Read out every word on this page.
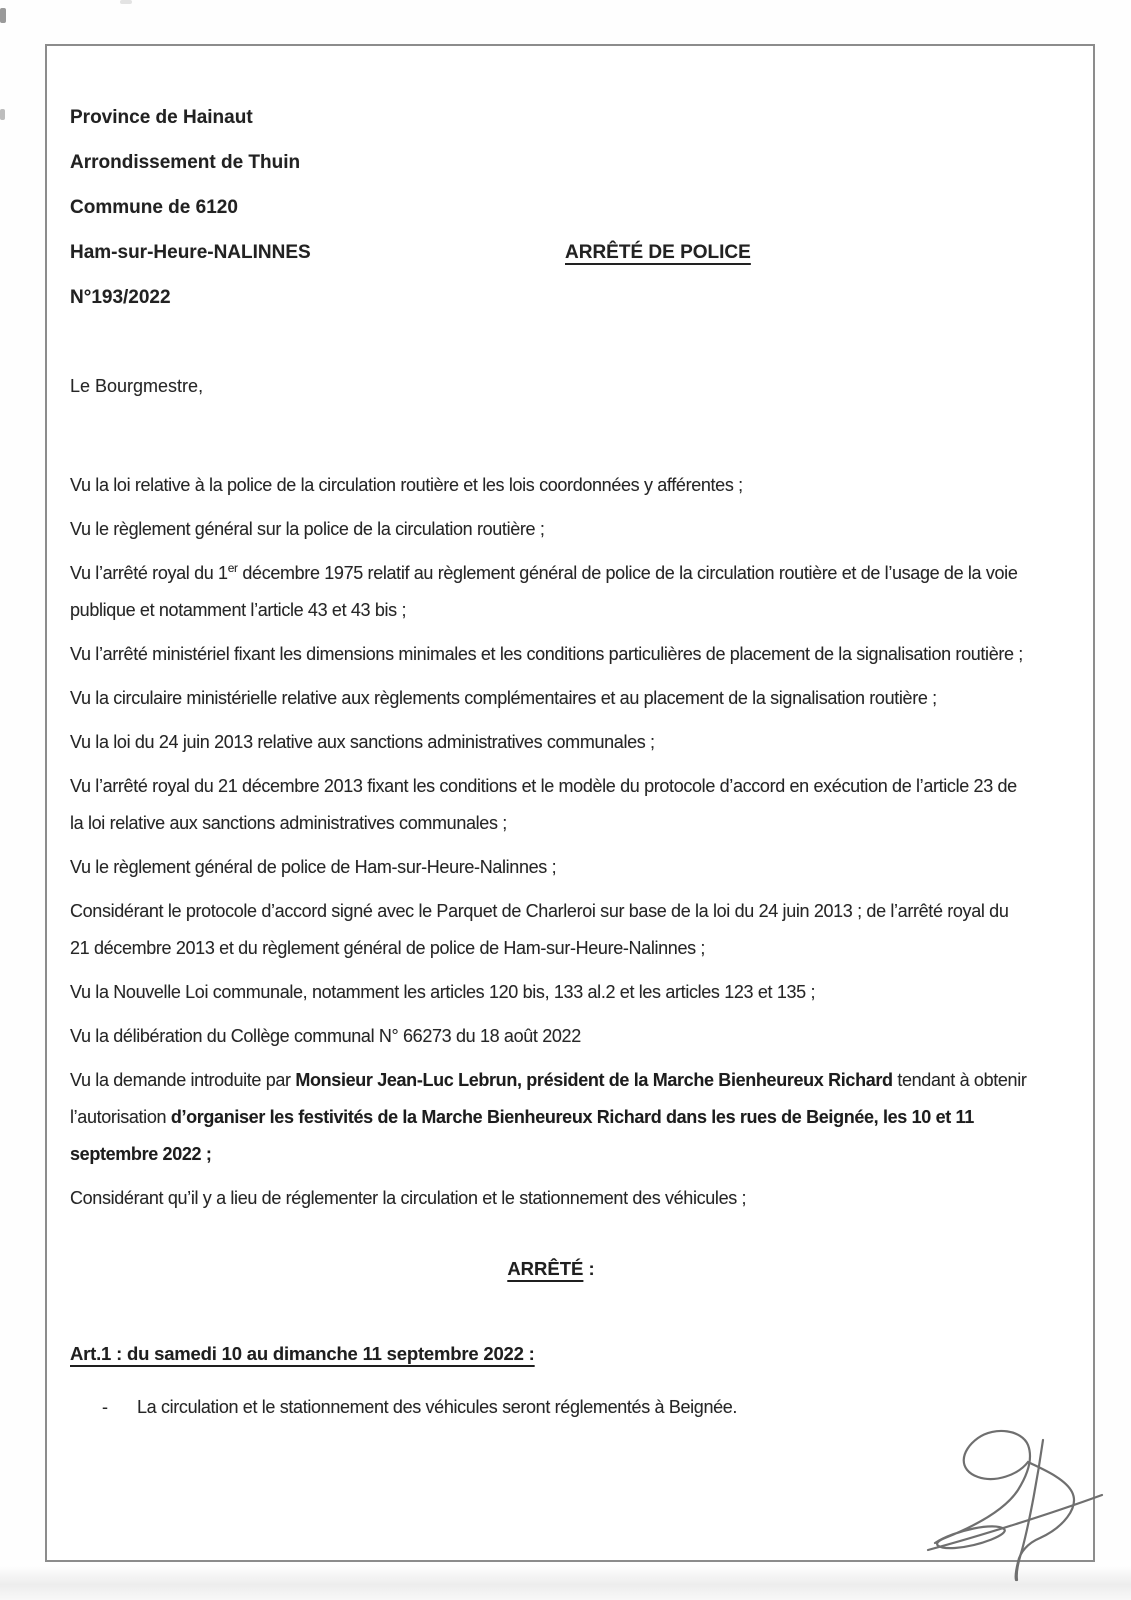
Province de Hainaut

Arrondissement de Thuin

Commune de 6120

Ham-sur-Heure-NALINNES	ARRÊTÉ DE POLICE

N°193/2022

Le Bourgmestre,

Vu la loi relative à la police de la circulation routière et les lois coordonnées y afférentes ;

Vu le règlement général sur la police de la circulation routière ;

Vu l’arrêté royal du 1er décembre 1975 relatif au règlement général de police de la circulation routière et de l’usage de la voie publique et notamment l’article 43 et 43 bis ;

Vu l’arrêté ministériel fixant les dimensions minimales et les conditions particulières de placement de la signalisation routière ;

Vu la circulaire ministérielle relative aux règlements complémentaires et au placement de la signalisation routière ;

Vu la loi du 24 juin 2013 relative aux sanctions administratives communales ;

Vu l’arrêté royal du 21 décembre 2013 fixant les conditions et le modèle du protocole d’accord en exécution de l’article 23 de la loi relative aux sanctions administratives communales ;

Vu le règlement général de police de Ham-sur-Heure-Nalinnes ;

Considérant le protocole d’accord signé avec le Parquet de Charleroi sur base de la loi du 24 juin 2013 ; de l’arrêté royal du 21 décembre 2013 et du règlement général de police de Ham-sur-Heure-Nalinnes ;

Vu la Nouvelle Loi communale, notamment les articles 120 bis, 133 al.2 et les articles 123 et 135 ;

Vu la délibération du Collège communal N° 66273 du 18 août 2022

Vu la demande introduite par Monsieur Jean-Luc Lebrun, président de la Marche Bienheureux Richard tendant à obtenir l’autorisation d’organiser les festivités de la Marche Bienheureux Richard dans les rues de Beignée, les 10 et 11 septembre 2022 ;

Considérant qu’il y a lieu de réglementer la circulation et le stationnement des véhicules ;

ARRÊTÉ :

Art.1 : du samedi 10 au dimanche 11 septembre 2022 :

- La circulation et le stationnement des véhicules seront réglementés à Beignée.
